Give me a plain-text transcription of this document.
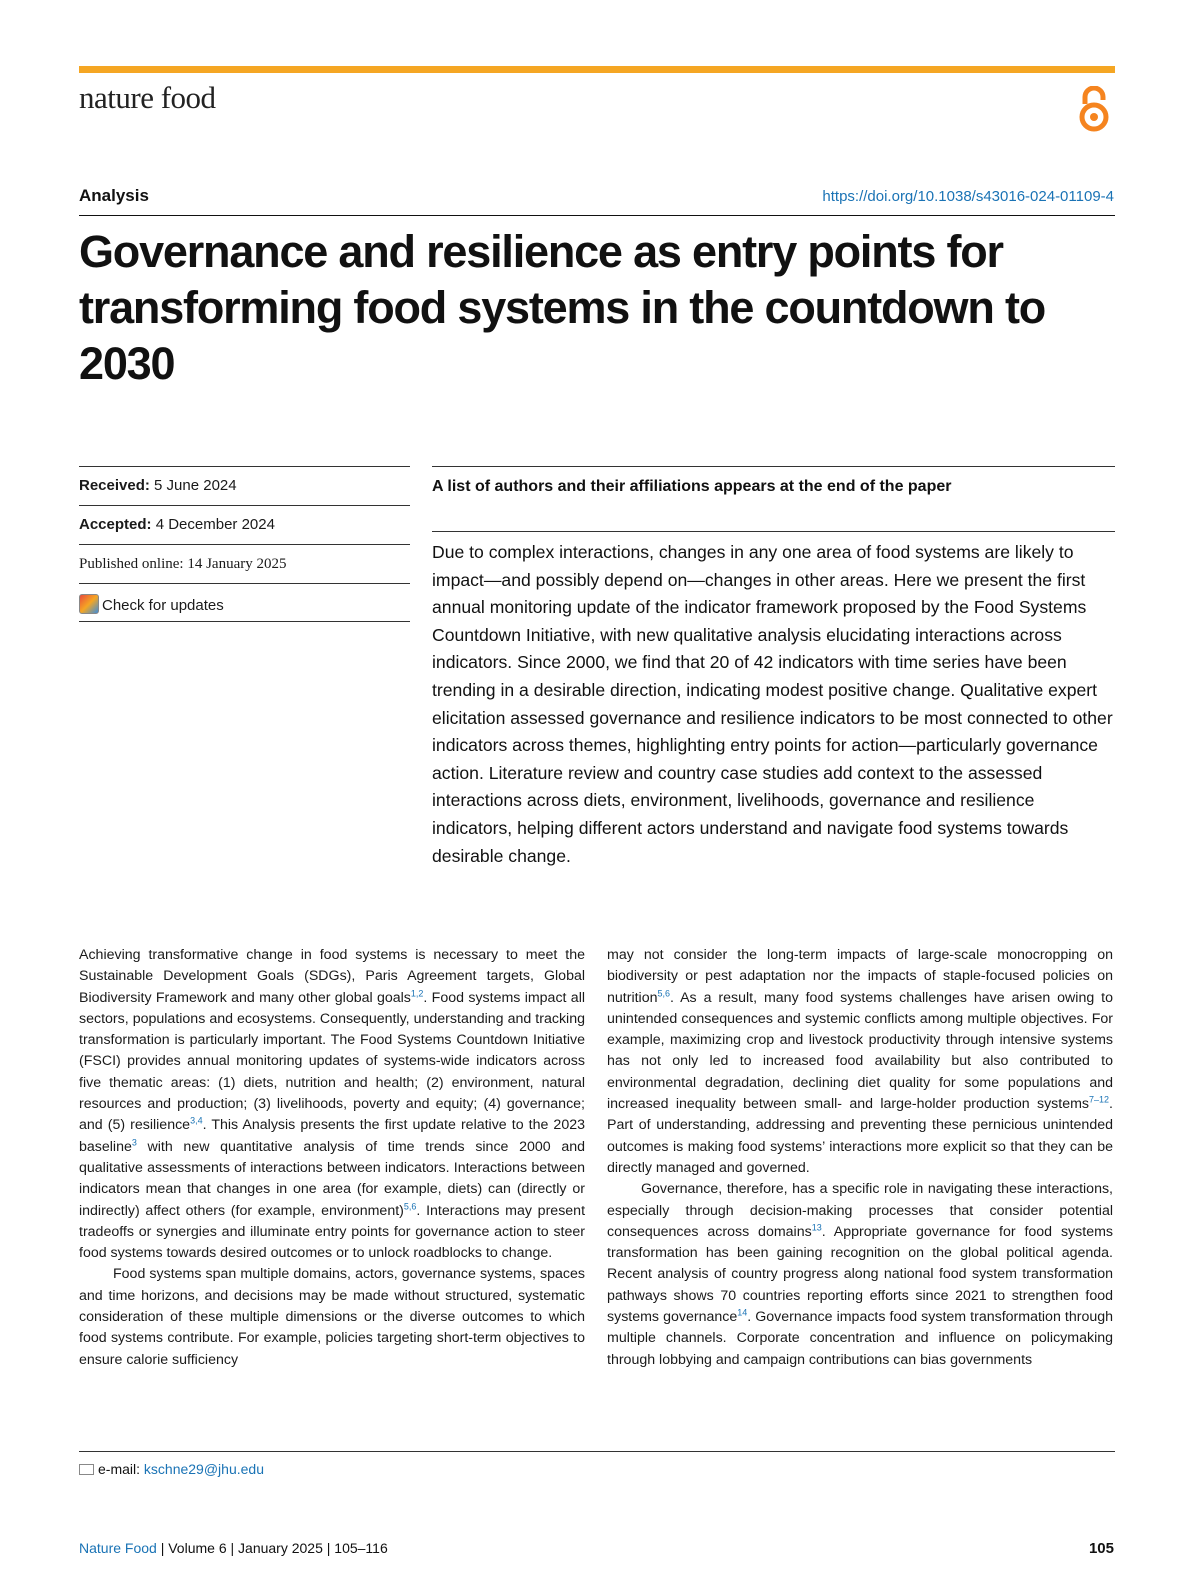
nature food
Analysis	https://doi.org/10.1038/s43016-024-01109-4
Governance and resilience as entry points for transforming food systems in the countdown to 2030
Received: 5 June 2024
Accepted: 4 December 2024
Published online: 14 January 2025
Check for updates
A list of authors and their affiliations appears at the end of the paper
Due to complex interactions, changes in any one area of food systems are likely to impact—and possibly depend on—changes in other areas. Here we present the first annual monitoring update of the indicator framework proposed by the Food Systems Countdown Initiative, with new qualitative analysis elucidating interactions across indicators. Since 2000, we find that 20 of 42 indicators with time series have been trending in a desirable direction, indicating modest positive change. Qualitative expert elicitation assessed governance and resilience indicators to be most connected to other indicators across themes, highlighting entry points for action—particularly governance action. Literature review and country case studies add context to the assessed interactions across diets, environment, livelihoods, governance and resilience indicators, helping different actors understand and navigate food systems towards desirable change.

Achieving transformative change in food systems is necessary to meet the Sustainable Development Goals (SDGs), Paris Agreement targets, Global Biodiversity Framework and many other global goals$^{1,2}$. Food systems impact all sectors, populations and ecosystems. Consequently, understanding and tracking transformation is particularly important. The Food Systems Countdown Initiative (FSCI) provides annual monitoring updates of systems-wide indicators across five thematic areas: (1) diets, nutrition and health; (2) environment, natural resources and production; (3) livelihoods, poverty and equity; (4) governance; and (5) resilience$^{3,4}$. This Analysis presents the first update relative to the 2023 baseline$^3$ with new quantitative analysis of time trends since 2000 and qualitative assessments of interactions between indicators. Interactions between indicators mean that changes in one area (for example, diets) can (directly or indirectly) affect others (for example, environment)$^{5,6}$. Interactions may present tradeoffs or synergies and illuminate entry points for governance action to steer food systems towards desired outcomes or to unlock roadblocks to change.

Food systems span multiple domains, actors, governance systems, spaces and time horizons, and decisions may be made without structured, systematic consideration of these multiple dimensions or the diverse outcomes to which food systems contribute. For example, policies targeting short-term objectives to ensure calorie sufficiency

may not consider the long-term impacts of large-scale monocropping on biodiversity or pest adaptation nor the impacts of staple-focused policies on nutrition$^{5,6}$. As a result, many food systems challenges have arisen owing to unintended consequences and systemic conflicts among multiple objectives. For example, maximizing crop and livestock productivity through intensive systems has not only led to increased food availability but also contributed to environmental degradation, declining diet quality for some populations and increased inequality between small- and large-holder production systems$^{7-12}$. Part of understanding, addressing and preventing these pernicious unintended outcomes is making food systems’ interactions more explicit so that they can be directly managed and governed.

Governance, therefore, has a specific role in navigating these interactions, especially through decision-making processes that consider potential consequences across domains$^{13}$. Appropriate governance for food systems transformation has been gaining recognition on the global political agenda. Recent analysis of country progress along national food system transformation pathways shows 70 countries reporting efforts since 2021 to strengthen food systems governance$^{14}$. Governance impacts food system transformation through multiple channels. Corporate concentration and influence on policymaking through lobbying and campaign contributions can bias governments

e-mail: kschne29@jhu.edu
Nature Food | Volume 6 | January 2025 | 105–116	105
